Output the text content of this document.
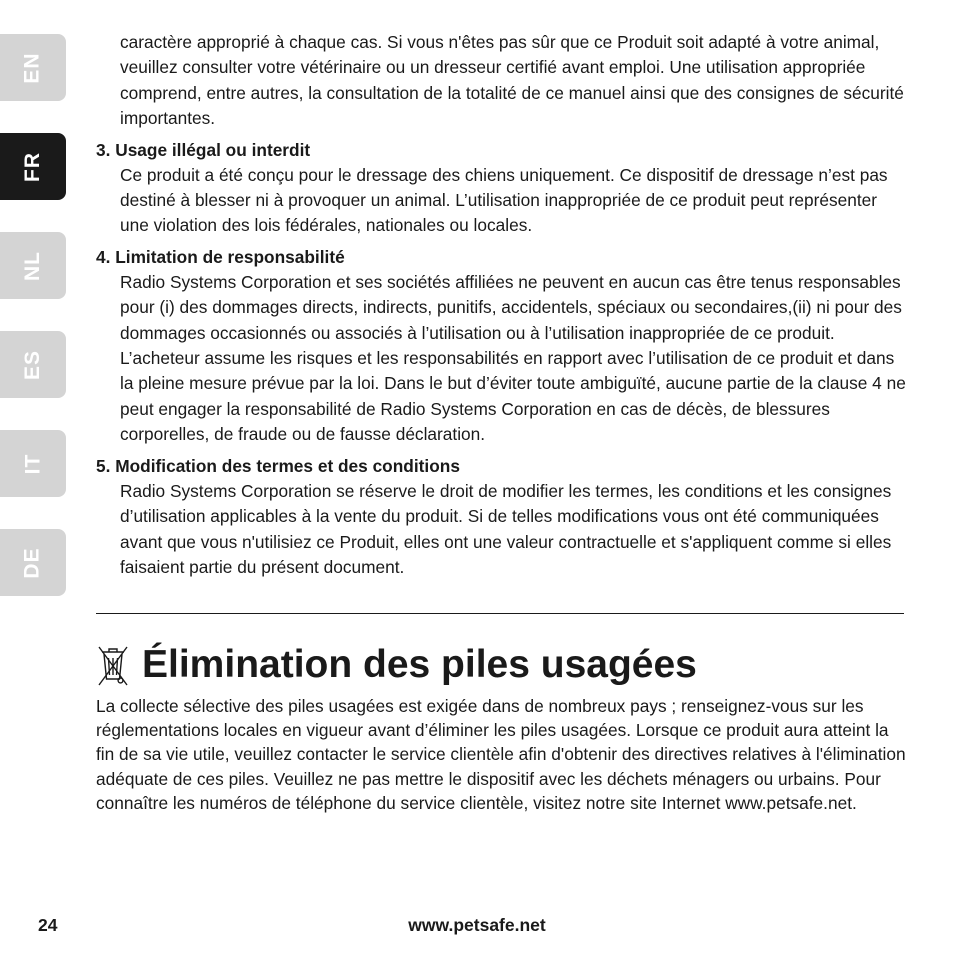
EN
FR
NL
ES
IT
DE

caractère approprié à chaque cas. Si vous n'êtes pas sûr que ce Produit soit adapté à votre animal, veuillez consulter votre vétérinaire ou un dresseur certifié avant emploi. Une utilisation appropriée comprend, entre autres, la consultation de la totalité de ce manuel ainsi que des consignes de sécurité importantes.

3. Usage illégal ou interdit

Ce produit a été conçu pour le dressage des chiens uniquement. Ce dispositif de dressage n’est pas destiné à blesser ni à provoquer un animal. L’utilisation inappropriée de ce produit peut représenter une violation des lois fédérales, nationales ou locales.

4. Limitation de responsabilité

Radio Systems Corporation et ses sociétés affiliées ne peuvent en aucun cas être tenus responsables pour (i) des dommages directs, indirects, punitifs, accidentels, spéciaux ou secondaires,(ii) ni pour des dommages occasionnés ou associés à l’utilisation ou à l’utilisation inappropriée de ce produit. L’acheteur assume les risques et les responsabilités en rapport avec l’utilisation de ce produit et dans la pleine mesure prévue par la loi. Dans le but d’éviter toute ambiguïté, aucune partie de la clause 4 ne peut engager la responsabilité de Radio Systems Corporation en cas de décès, de blessures corporelles, de fraude ou de fausse déclaration.

5. Modification des termes et des conditions

Radio Systems Corporation se réserve le droit de modifier les termes, les conditions et les consignes d’utilisation applicables à la vente du produit. Si de telles modifications vous ont été communiquées avant que vous n'utilisiez ce Produit, elles ont une valeur contractuelle et s'appliquent comme si elles faisaient partie du présent document.

Élimination des piles usagées

La collecte sélective des piles usagées est exigée dans de nombreux pays ; renseignez-vous sur les réglementations locales en vigueur avant d’éliminer les piles usagées. Lorsque ce produit aura atteint la fin de sa vie utile, veuillez contacter le service clientèle afin d'obtenir des directives relatives à l'élimination adéquate de ces piles. Veuillez ne pas mettre le dispositif avec les déchets ménagers ou urbains. Pour connaître les numéros de téléphone du service clientèle, visitez notre site Internet www.petsafe.net.

24	www.petsafe.net
